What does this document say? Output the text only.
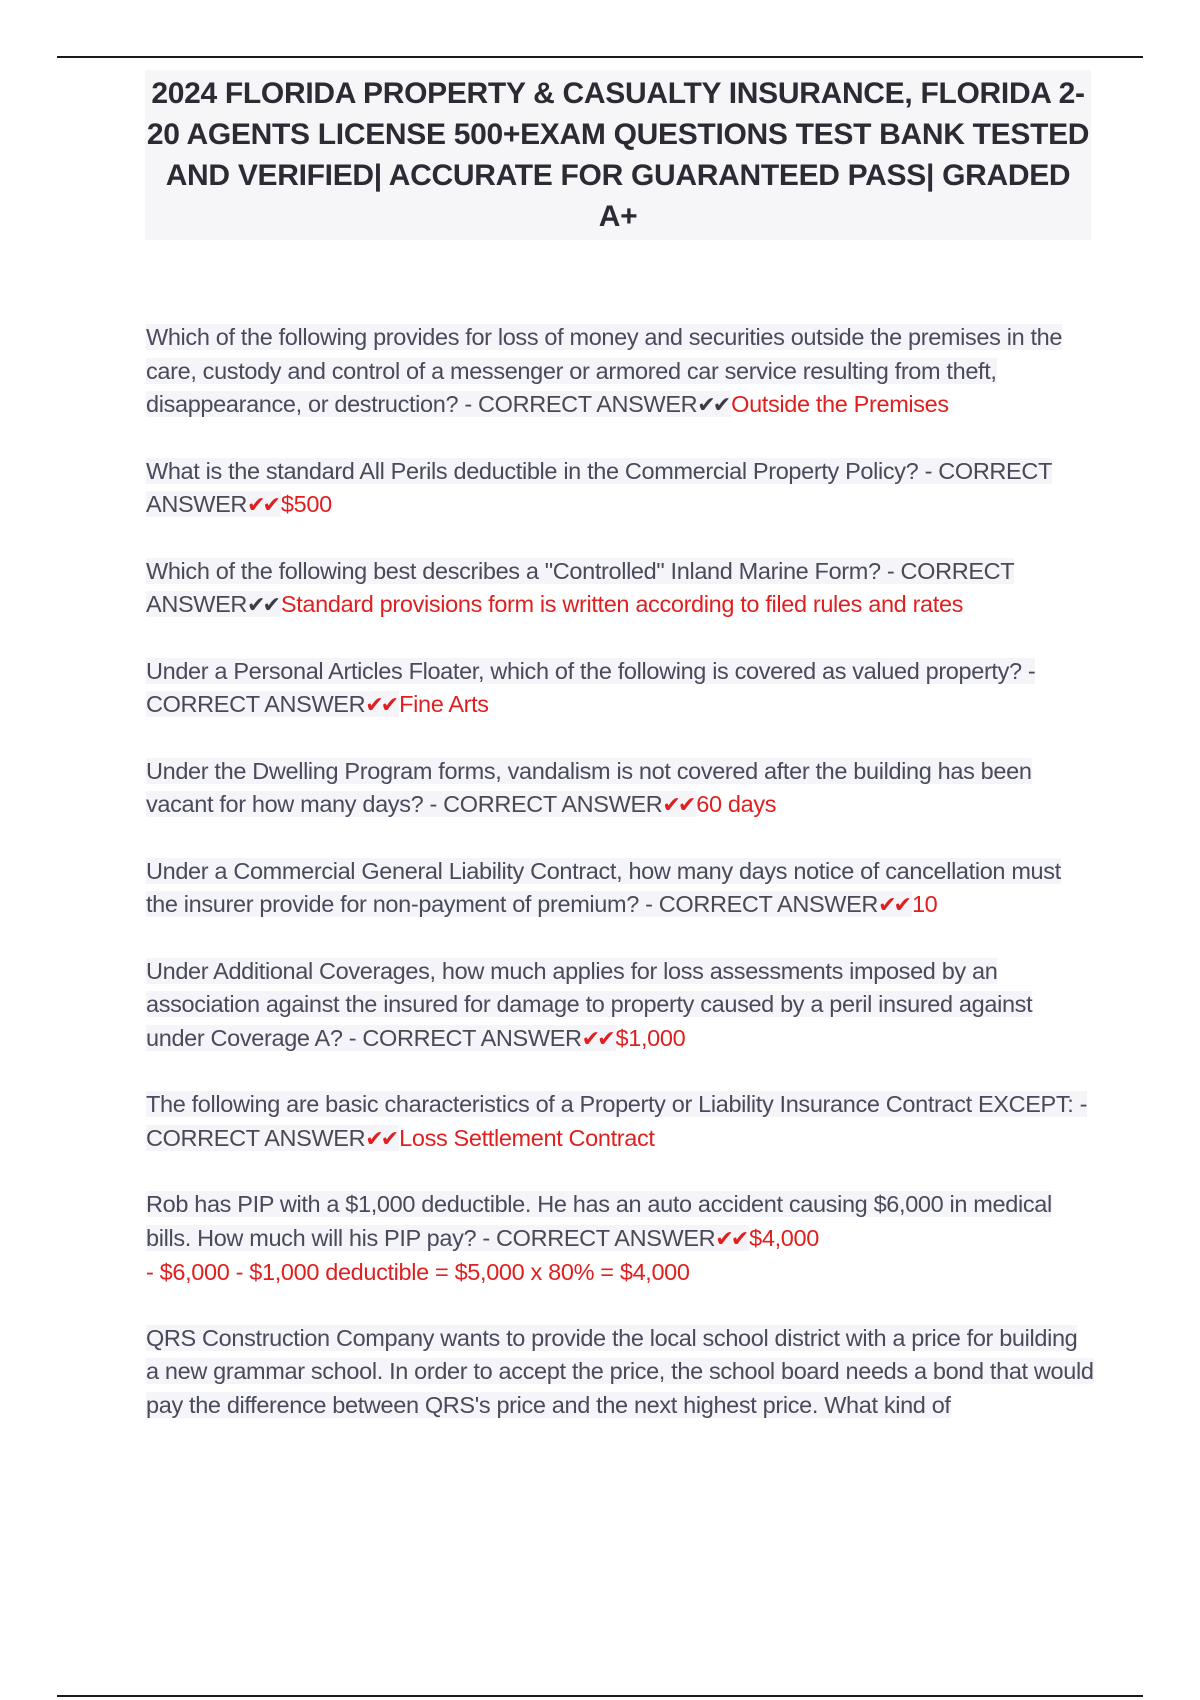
2024 FLORIDA PROPERTY & CASUALTY INSURANCE, FLORIDA 2-20 AGENTS LICENSE 500+EXAM QUESTIONS TEST BANK TESTED AND VERIFIED| ACCURATE FOR GUARANTEED PASS| GRADED A+

Which of the following provides for loss of money and securities outside the premises in the care, custody and control of a messenger or armored car service resulting from theft, disappearance, or destruction? - CORRECT ANSWER✔✔ Outside the Premises

What is the standard All Perils deductible in the Commercial Property Policy? - CORRECT ANSWER✔✔ $500

Which of the following best describes a "Controlled" Inland Marine Form? - CORRECT ANSWER✔✔ Standard provisions form is written according to filed rules and rates

Under a Personal Articles Floater, which of the following is covered as valued property? - CORRECT ANSWER✔✔ Fine Arts

Under the Dwelling Program forms, vandalism is not covered after the building has been vacant for how many days? - CORRECT ANSWER✔✔ 60 days

Under a Commercial General Liability Contract, how many days notice of cancellation must the insurer provide for non-payment of premium? - CORRECT ANSWER✔✔ 10

Under Additional Coverages, how much applies for loss assessments imposed by an association against the insured for damage to property caused by a peril insured against under Coverage A? - CORRECT ANSWER✔✔ $1,000

The following are basic characteristics of a Property or Liability Insurance Contract EXCEPT: - CORRECT ANSWER✔✔ Loss Settlement Contract

Rob has PIP with a $1,000 deductible. He has an auto accident causing $6,000 in medical bills. How much will his PIP pay? - CORRECT ANSWER✔✔ $4,000
- $6,000 - $1,000 deductible = $5,000 x 80% = $4,000

QRS Construction Company wants to provide the local school district with a price for building a new grammar school. In order to accept the price, the school board needs a bond that would pay the difference between QRS's price and the next highest price. What kind of
